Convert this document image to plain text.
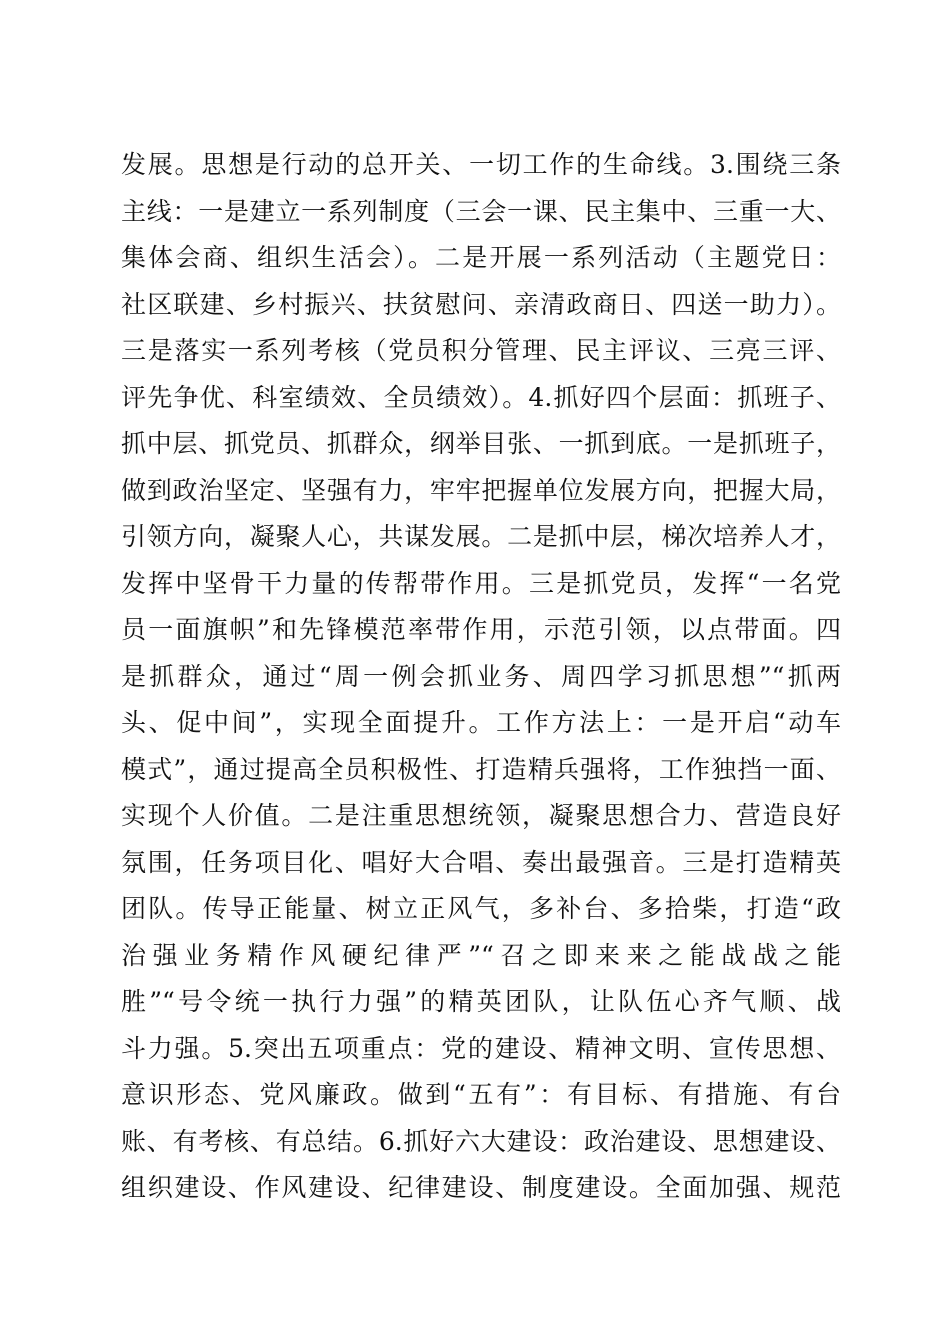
发展。思想是行动的总开关、一切工作的生命线。3.围绕三条
主线：一是建立一系列制度（三会一课、民主集中、三重一大、
集体会商、组织生活会）。二是开展一系列活动（主题党日：
社区联建、乡村振兴、扶贫慰问、亲清政商日、四送一助力）。
三是落实一系列考核（党员积分管理、民主评议、三亮三评、
评先争优、科室绩效、全员绩效）。4.抓好四个层面：抓班子、
抓中层、抓党员、抓群众，纲举目张、一抓到底。一是抓班子，
做到政治坚定、坚强有力，牢牢把握单位发展方向，把握大局，
引领方向，凝聚人心，共谋发展。二是抓中层，梯次培养人才，
发挥中坚骨干力量的传帮带作用。三是抓党员，发挥“一名党
员一面旗帜”和先锋模范率带作用，示范引领，以点带面。四
是抓群众，通过“周一例会抓业务、周四学习抓思想”“抓两
头、促中间”，实现全面提升。工作方法上：一是开启“动车
模式”，通过提高全员积极性、打造精兵强将，工作独挡一面、
实现个人价值。二是注重思想统领，凝聚思想合力、营造良好
氛围，任务项目化、唱好大合唱、奏出最强音。三是打造精英
团队。传导正能量、树立正风气，多补台、多拾柴，打造“政
治强业务精作风硬纪律严”“召之即来来之能战战之能
胜”“号令统一执行力强”的精英团队，让队伍心齐气顺、战
斗力强。5.突出五项重点：党的建设、精神文明、宣传思想、
意识形态、党风廉政。做到“五有”：有目标、有措施、有台
账、有考核、有总结。6.抓好六大建设：政治建设、思想建设、
组织建设、作风建设、纪律建设、制度建设。全面加强、规范
